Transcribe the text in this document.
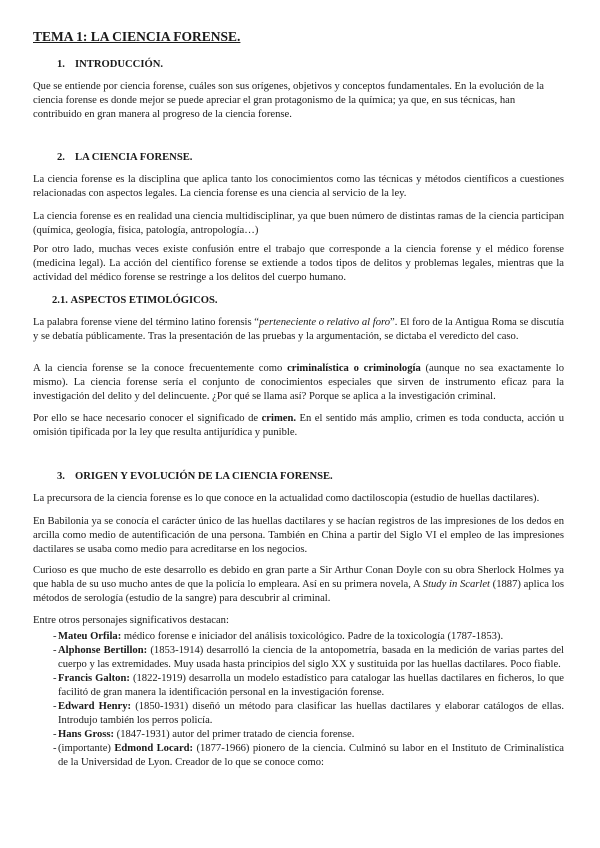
TEMA 1: LA CIENCIA FORENSE.
1. INTRODUCCIÓN.
Que se entiende por ciencia forense, cuáles son sus orígenes, objetivos y conceptos fundamentales. En la evolución de la ciencia forense es donde mejor se puede apreciar el gran protagonismo de la química; ya que, en sus técnicas, han contribuido en gran manera al progreso de la ciencia forense.
2. LA CIENCIA FORENSE.
La ciencia forense es la disciplina que aplica tanto los conocimientos como las técnicas y métodos científicos a cuestiones relacionadas con aspectos legales. La ciencia forense es una ciencia al servicio de la ley.
La ciencia forense es en realidad una ciencia multidisciplinar, ya que buen número de distintas ramas de la ciencia participan (química, geología, física, patología, antropología…)
Por otro lado, muchas veces existe confusión entre el trabajo que corresponde a la ciencia forense y el médico forense (medicina legal). La acción del científico forense se extiende a todos tipos de delitos y problemas legales, mientras que la actividad del médico forense se restringe a los delitos del cuerpo humano.
2.1. ASPECTOS ETIMOLÓGICOS.
La palabra forense viene del término latino forensis “perteneciente o relativo al foro”. El foro de la Antigua Roma se discutía y se debatía públicamente. Tras la presentación de las pruebas y la argumentación, se dictaba el veredicto del caso.
A la ciencia forense se la conoce frecuentemente como criminalística o criminología (aunque no sea exactamente lo mismo). La ciencia forense sería el conjunto de conocimientos especiales que sirven de instrumento eficaz para la investigación del delito y del delincuente. ¿Por qué se llama así? Porque se aplica a la investigación criminal.
Por ello se hace necesario conocer el significado de crimen. En el sentido más amplio, crimen es toda conducta, acción u omisión tipificada por la ley que resulta antijurídica y punible.
3. ORIGEN Y EVOLUCIÓN DE LA CIENCIA FORENSE.
La precursora de la ciencia forense es lo que conoce en la actualidad como dactiloscopia (estudio de huellas dactilares).
En Babilonia ya se conocía el carácter único de las huellas dactilares y se hacían registros de las impresiones de los dedos en arcilla como medio de autentificación de una persona. También en China a partir del Siglo VI el empleo de las impresiones dactilares se usaba como medio para acreditarse en los negocios.
Curioso es que mucho de este desarrollo es debido en gran parte a Sir Arthur Conan Doyle con su obra Sherlock Holmes ya que habla de su uso mucho antes de que la policía lo empleara. Así en su primera novela, A Study in Scarlet (1887) aplica los métodos de serología (estudio de la sangre) para descubrir al criminal.
Entre otros personajes significativos destacan:
- Mateu Orfila: médico forense e iniciador del análisis toxicológico. Padre de la toxicología (1787-1853).
- Alphonse Bertillon: (1853-1914) desarrolló la ciencia de la antopometría, basada en la medición de varias partes del cuerpo y las extremidades. Muy usada hasta principios del siglo XX y sustituida por las huellas dactilares. Poco fiable.
- Francis Galton: (1822-1919) desarrolla un modelo estadístico para catalogar las huellas dactilares en ficheros, lo que facilitó de gran manera la identificación personal en la investigación forense.
- Edward Henry: (1850-1931) diseñó un método para clasificar las huellas dactilares y elaborar catálogos de ellas. Introdujo también los perros policía.
- Hans Gross: (1847-1931) autor del primer tratado de ciencia forense.
- (importante) Edmond Locard: (1877-1966) pionero de la ciencia. Culminó su labor en el Instituto de Criminalística de la Universidad de Lyon. Creador de lo que se conoce como:
